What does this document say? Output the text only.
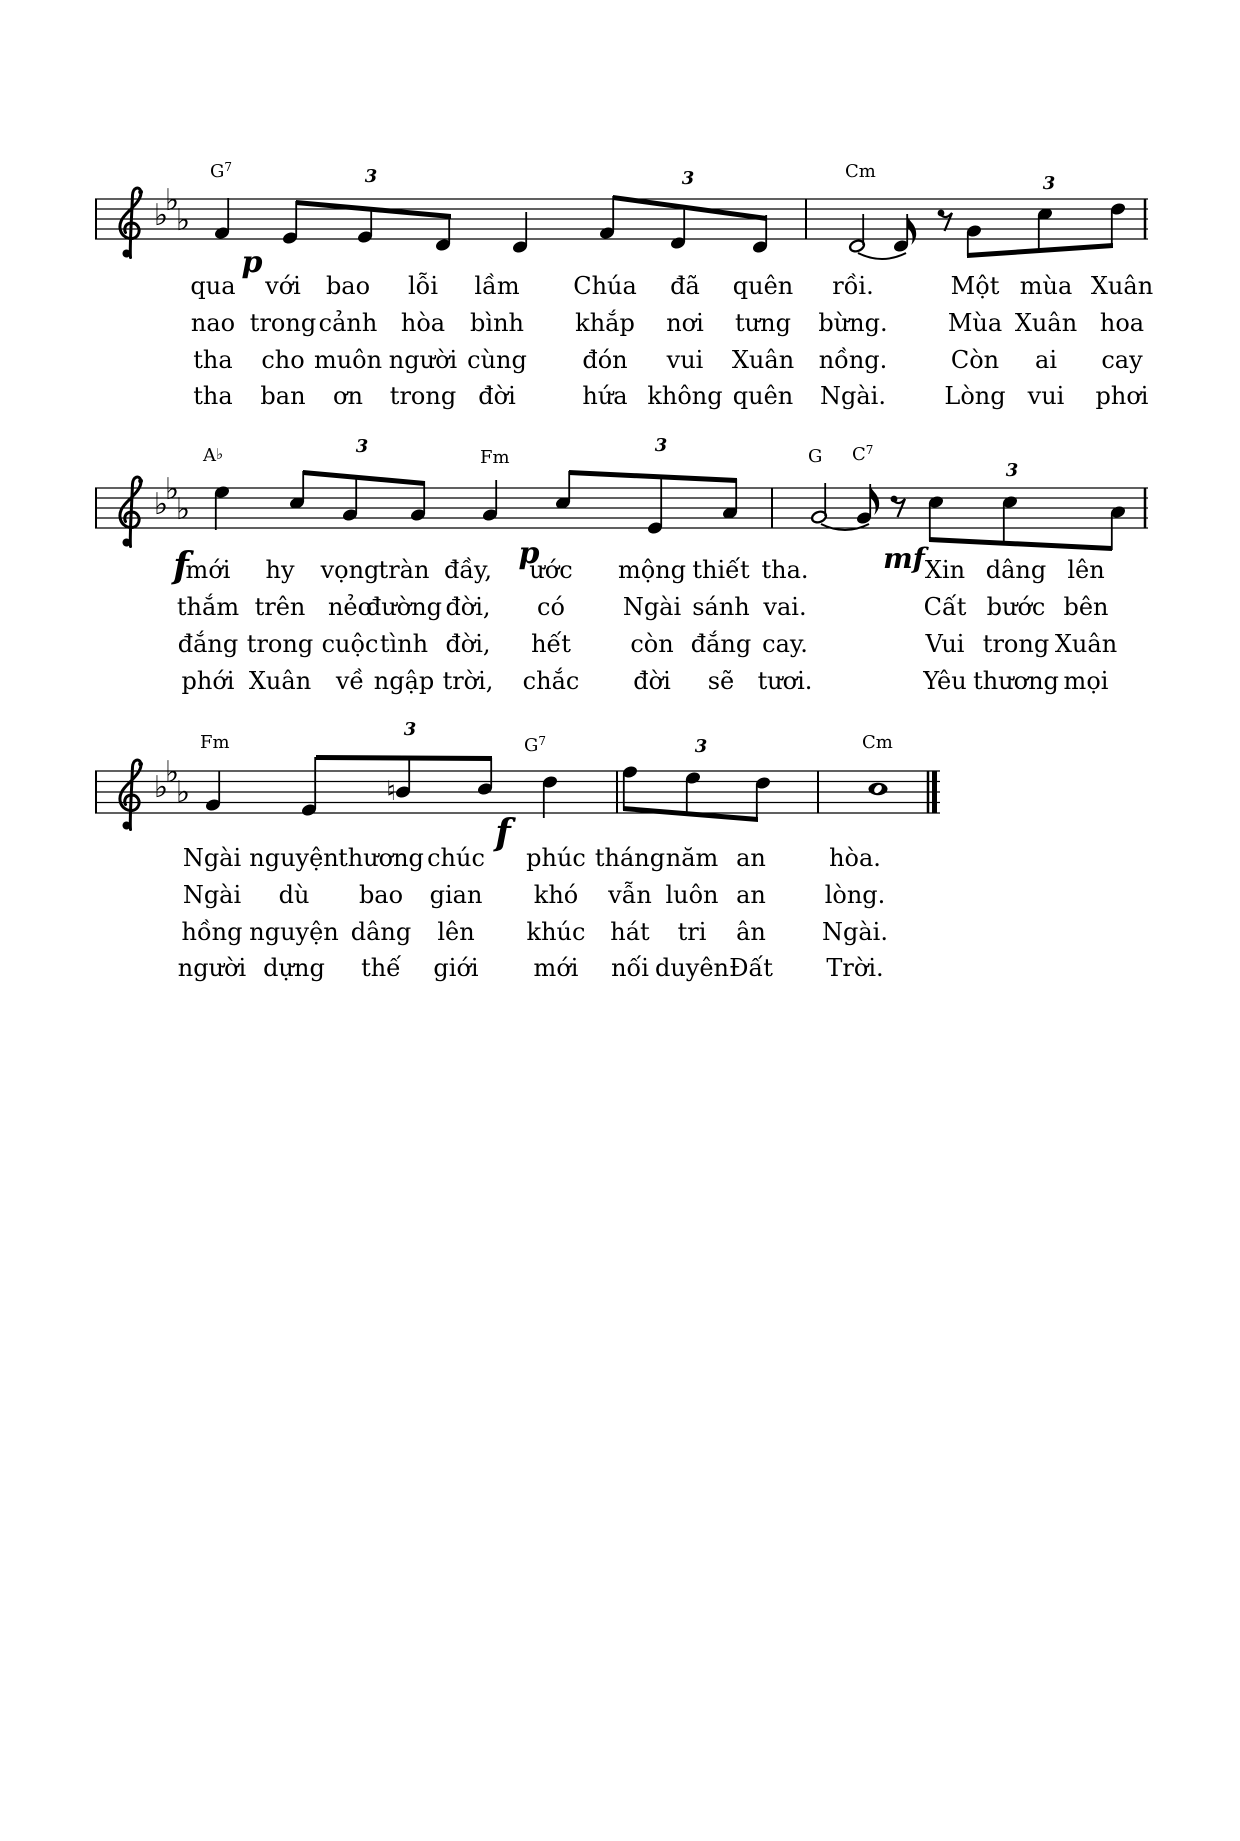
♭
♭
♭
♭
♭
♭
♭
♭
♭	♮
$G^7$	Cm
3	3	3
p
qua với bao lỗi lầm Chúa đã quên rồi.	Một mùa Xuân
nao trong cảnh hòa bình khắp nơi tưng bừng.	Mùa Xuân hoa
tha cho muôn người cùng đón vui Xuân nồng.	Còn ai cay
tha ban ơn trong đời	hứa không quên Ngài. Lòng vui phơi
A♭	Fm	G $C^7$
3	3
3
f	p	mf
mới hy vọng tràn đầy, ước mộng thiết tha.	Xin dâng lên
thắm trên nẻo
đường đời, có Ngài sánh vai.	Cất bước bên
đắng trong cuộc tình đời, hết còn đắng cay.	Vui trong Xuân
phới Xuân về ngập trời, chắc đời sẽ tươi.	Yêu thương mọi
Fm	$G^7$	Cm
3
3
f
Ngài nguyện thương chúc phúc tháng năm an	hòa.
Ngài dù bao gian khó vẫn luôn an lòng.
hồng nguyện dâng lên khúc hát tri ân Ngài.
người dựng thế giới mới nối duyên Đất Trời.
